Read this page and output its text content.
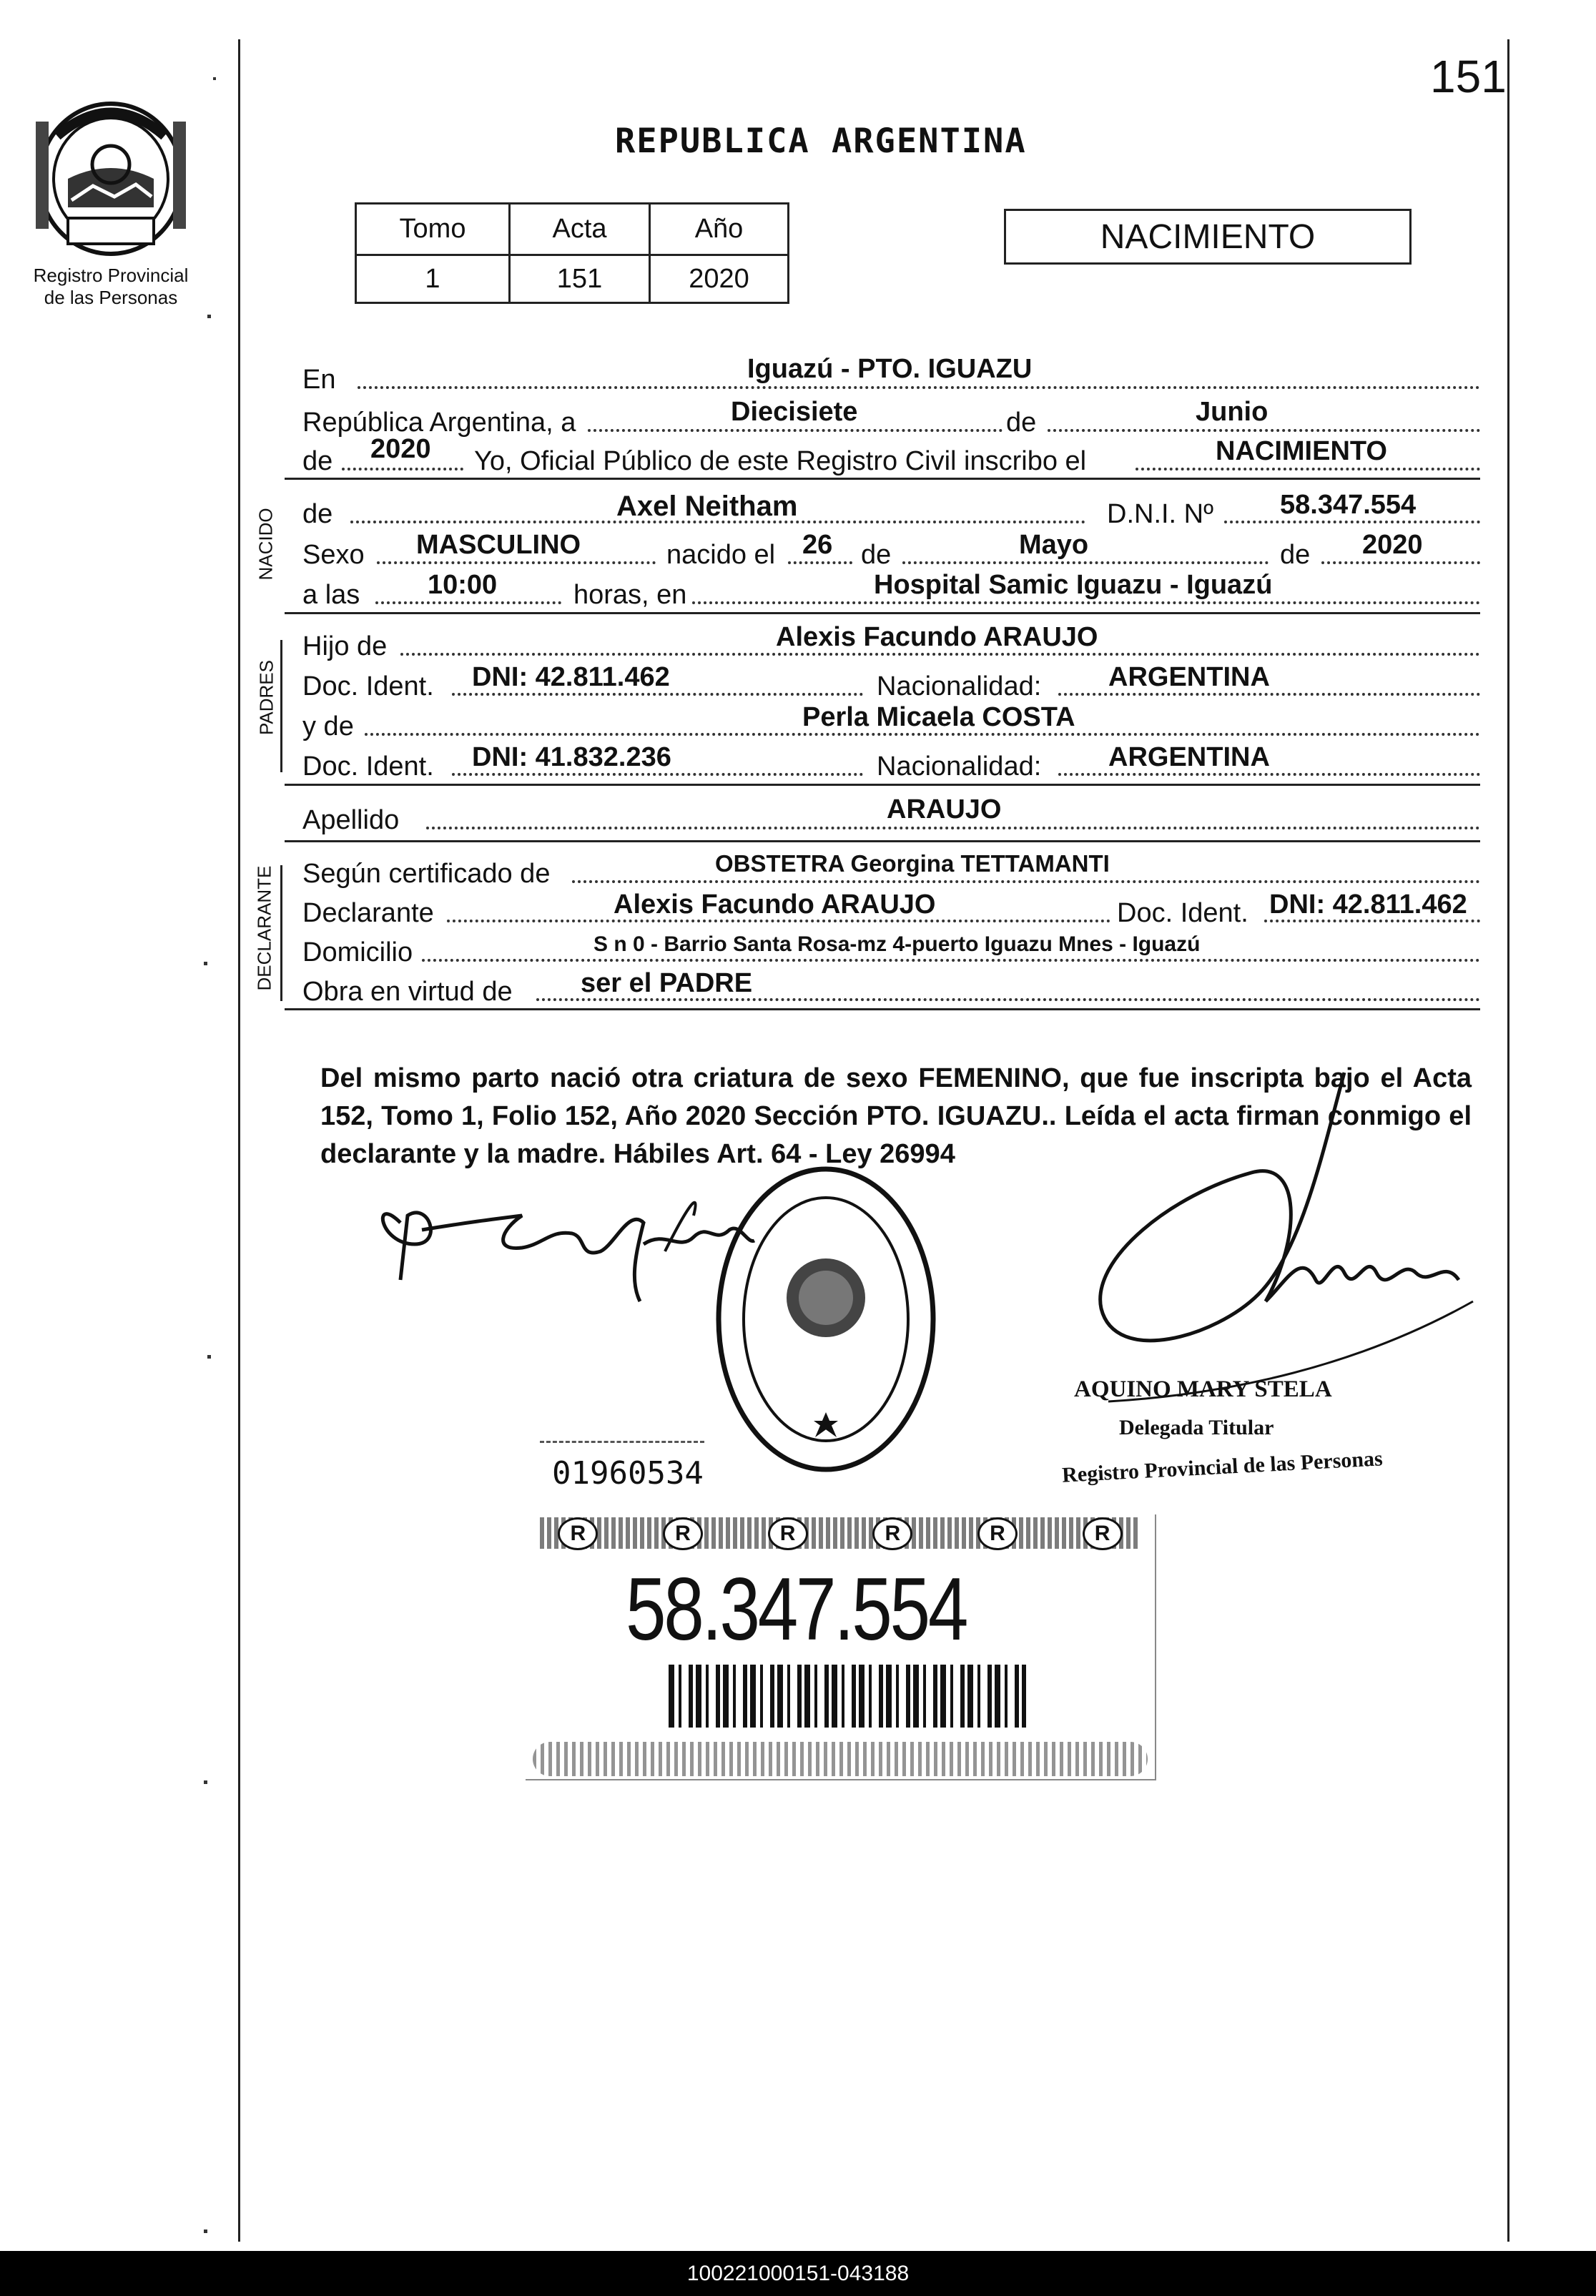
151
Registro Provincial
de las Personas
REPUBLICA ARGENTINA
Tomo	Acta	Año
1	151	2020
NACIMIENTO
En	Iguazú - PTO. IGUAZU
República Argentina, a	Diecisiete	de	Junio
de 2020 Yo, Oficial Público de este Registro Civil inscribo el	NACIMIENTO
NACIDO de	Axel Neitham	D.N.I. Nº 58.347.554
Sexo MASCULINO	nacido el 26 de	Mayo	de 2020
a las 10:00	horas, en	Hospital Samic Iguazu - Iguazú
PADRES
Hijo de	Alexis Facundo ARAUJO
Doc. Ident. DNI: 42.811.462	Nacionalidad: ARGENTINA
y de	Perla Micaela COSTA
Doc. Ident. DNI: 41.832.236	Nacionalidad: ARGENTINA
Apellido	ARAUJO
DECLARANTE Según certificado de	OBSTETRA Georgina TETTAMANTI
Declarante	Alexis Facundo ARAUJO	Doc. Ident. DNI: 42.811.462
Domicilio	S n 0 - Barrio Santa Rosa-mz 4-puerto Iguazu Mnes - Iguazú
Obra en virtud de	ser el PADRE
Del mismo parto nació otra criatura de sexo FEMENINO, que fue inscripta bajo el Acta 152, Tomo 1, Folio 152, Año 2020 Sección PTO. IGUAZU.. Leída el acta firman conmigo el declarante y la madre. Hábiles Art. 64 - Ley 26994
AQUINO MARY STELA
Delegada Titular
Registro Provincial de las Personas
01960534
R	R	R	R	R	R
58.347.554
100221000151-043188
